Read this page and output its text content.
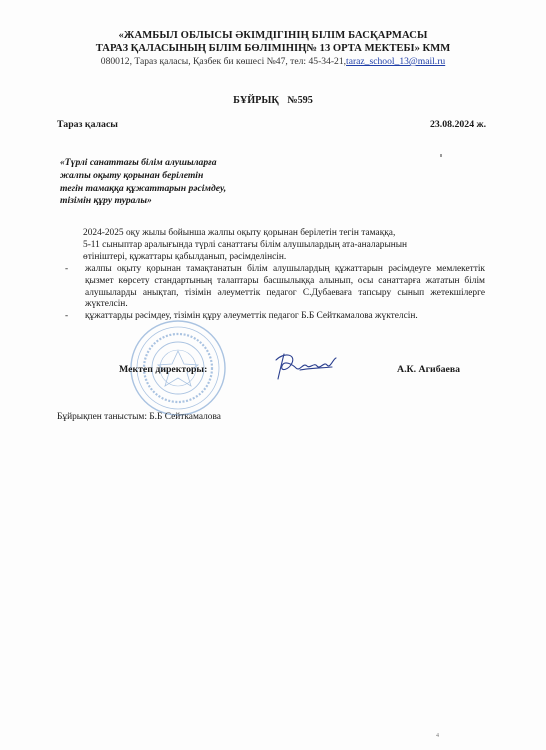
«ЖАМБЫЛ ОБЛЫСЫ ӘКІМДІГІНІҢ БІЛІМ БАСҚАРМАСЫ
ТАРАЗ ҚАЛАСЫНЫҢ БІЛІМ БӨЛІМІНІҢ№ 13 ОРТА МЕКТЕБІ» КММ
080012, Тараз қаласы, Қазбек би көшесі №47, тел: 45-34-21,taraz_school_13@mail.ru
БҰЙРЫҚ №595
Тараз қаласы	23.08.2024 ж.
«Түрлі санаттағы білім алушыларға
жалпы оқыту қорынан берілетін
тегін тамаққа құжаттарын рәсімдеу,
тізімін құру туралы»
2024-2025 оқу жылы бойынша жалпы оқыту қорынан берілетін тегін тамаққа,
5-11 сыныптар аралығында түрлі санаттағы білім алушылардың ата-аналарынын
өтініштері, құжаттары қабылданып, рәсімделінсін.
- жалпы оқыту қорынан тамақтанатын білім алушылардың құжаттарын рәсімдеуге мемлекеттік қызмет көрсету стандартының талаптары басшылыққа алынып, осы санаттарға жататын білім алушыларды анықтап, тізімін әлеуметтік педагог С.Дубаеваға тапсыру сынып жетекшілерге жүктелсін.
- құжаттарды рәсімдеу, тізімін құру әлеуметтік педагог Б.Б Сейткамалова жүктелсін.
Мектеп директоры:	А.К. Агибаева
Бұйрықпен таныстым: Б.Б Сейткамалова
4
